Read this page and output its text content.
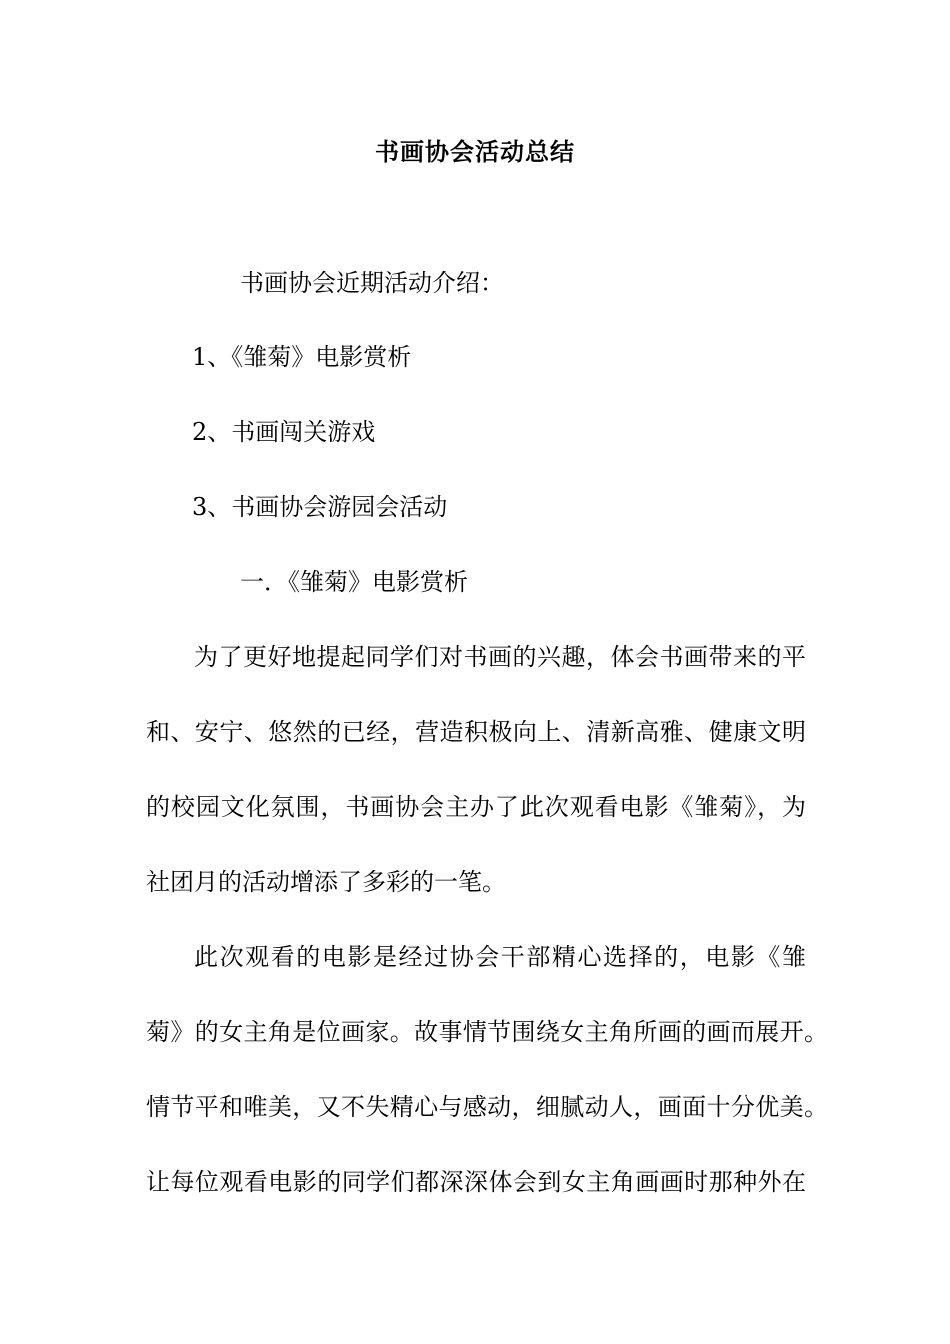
书画协会活动总结
书画协会近期活动介绍：
1、《雏菊》电影赏析
2、书画闯关游戏
3、书画协会游园会活动
一．《雏菊》电影赏析
为了更好地提起同学们对书画的兴趣，体会书画带来的平
和、安宁、悠然的已经，营造积极向上、清新高雅、健康文明
的校园文化氛围，书画协会主办了此次观看电影《雏菊》，为
社团月的活动增添了多彩的一笔。
此次观看的电影是经过协会干部精心选择的，电影《雏
菊》的女主角是位画家。故事情节围绕女主角所画的画而展开。
情节平和唯美，又不失精心与感动，细腻动人，画面十分优美。
让每位观看电影的同学们都深深体会到女主角画画时那种外在
